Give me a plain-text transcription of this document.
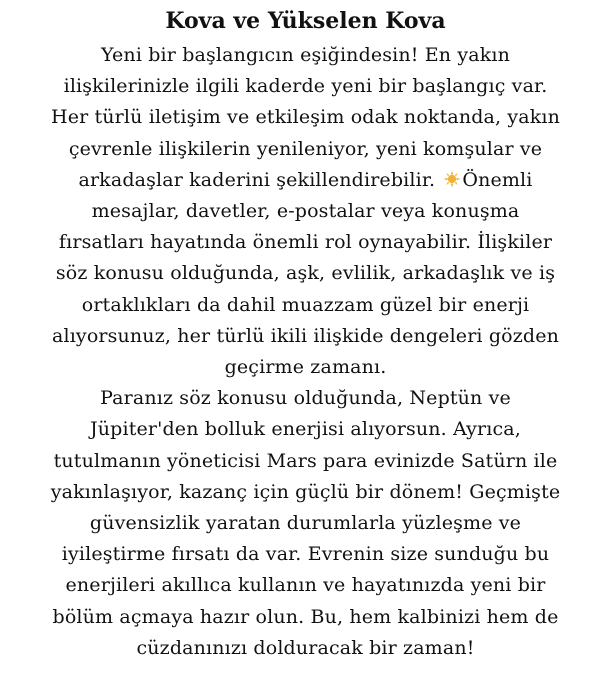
Kova ve Yükselen Kova
Yeni bir başlangıcın eşiğindesin! En yakın
ilişkilerinizle ilgili kaderde yeni bir başlangıç var.
Her türlü iletişim ve etkileşim odak noktanda, yakın
çevrenle ilişkilerin yenileniyor, yeni komşular ve
arkadaşlar kaderini şekillendirebilir. Önemli
mesajlar, davetler, e-postalar veya konuşma
fırsatları hayatında önemli rol oynayabilir. İlişkiler
söz konusu olduğunda, aşk, evlilik, arkadaşlık ve iş
ortaklıkları da dahil muazzam güzel bir enerji
alıyorsunuz, her türlü ikili ilişkide dengeleri gözden
geçirme zamanı.
Paranız söz konusu olduğunda, Neptün ve
Jüpiter'den bolluk enerjisi alıyorsun. Ayrıca,
tutulmanın yöneticisi Mars para evinizde Satürn ile
yakınlaşıyor, kazanç için güçlü bir dönem! Geçmişte
güvensizlik yaratan durumlarla yüzleşme ve
iyileştirme fırsatı da var. Evrenin size sunduğu bu
enerjileri akıllıca kullanın ve hayatınızda yeni bir
bölüm açmaya hazır olun. Bu, hem kalbinizi hem de
cüzdanınızı dolduracak bir zaman!
